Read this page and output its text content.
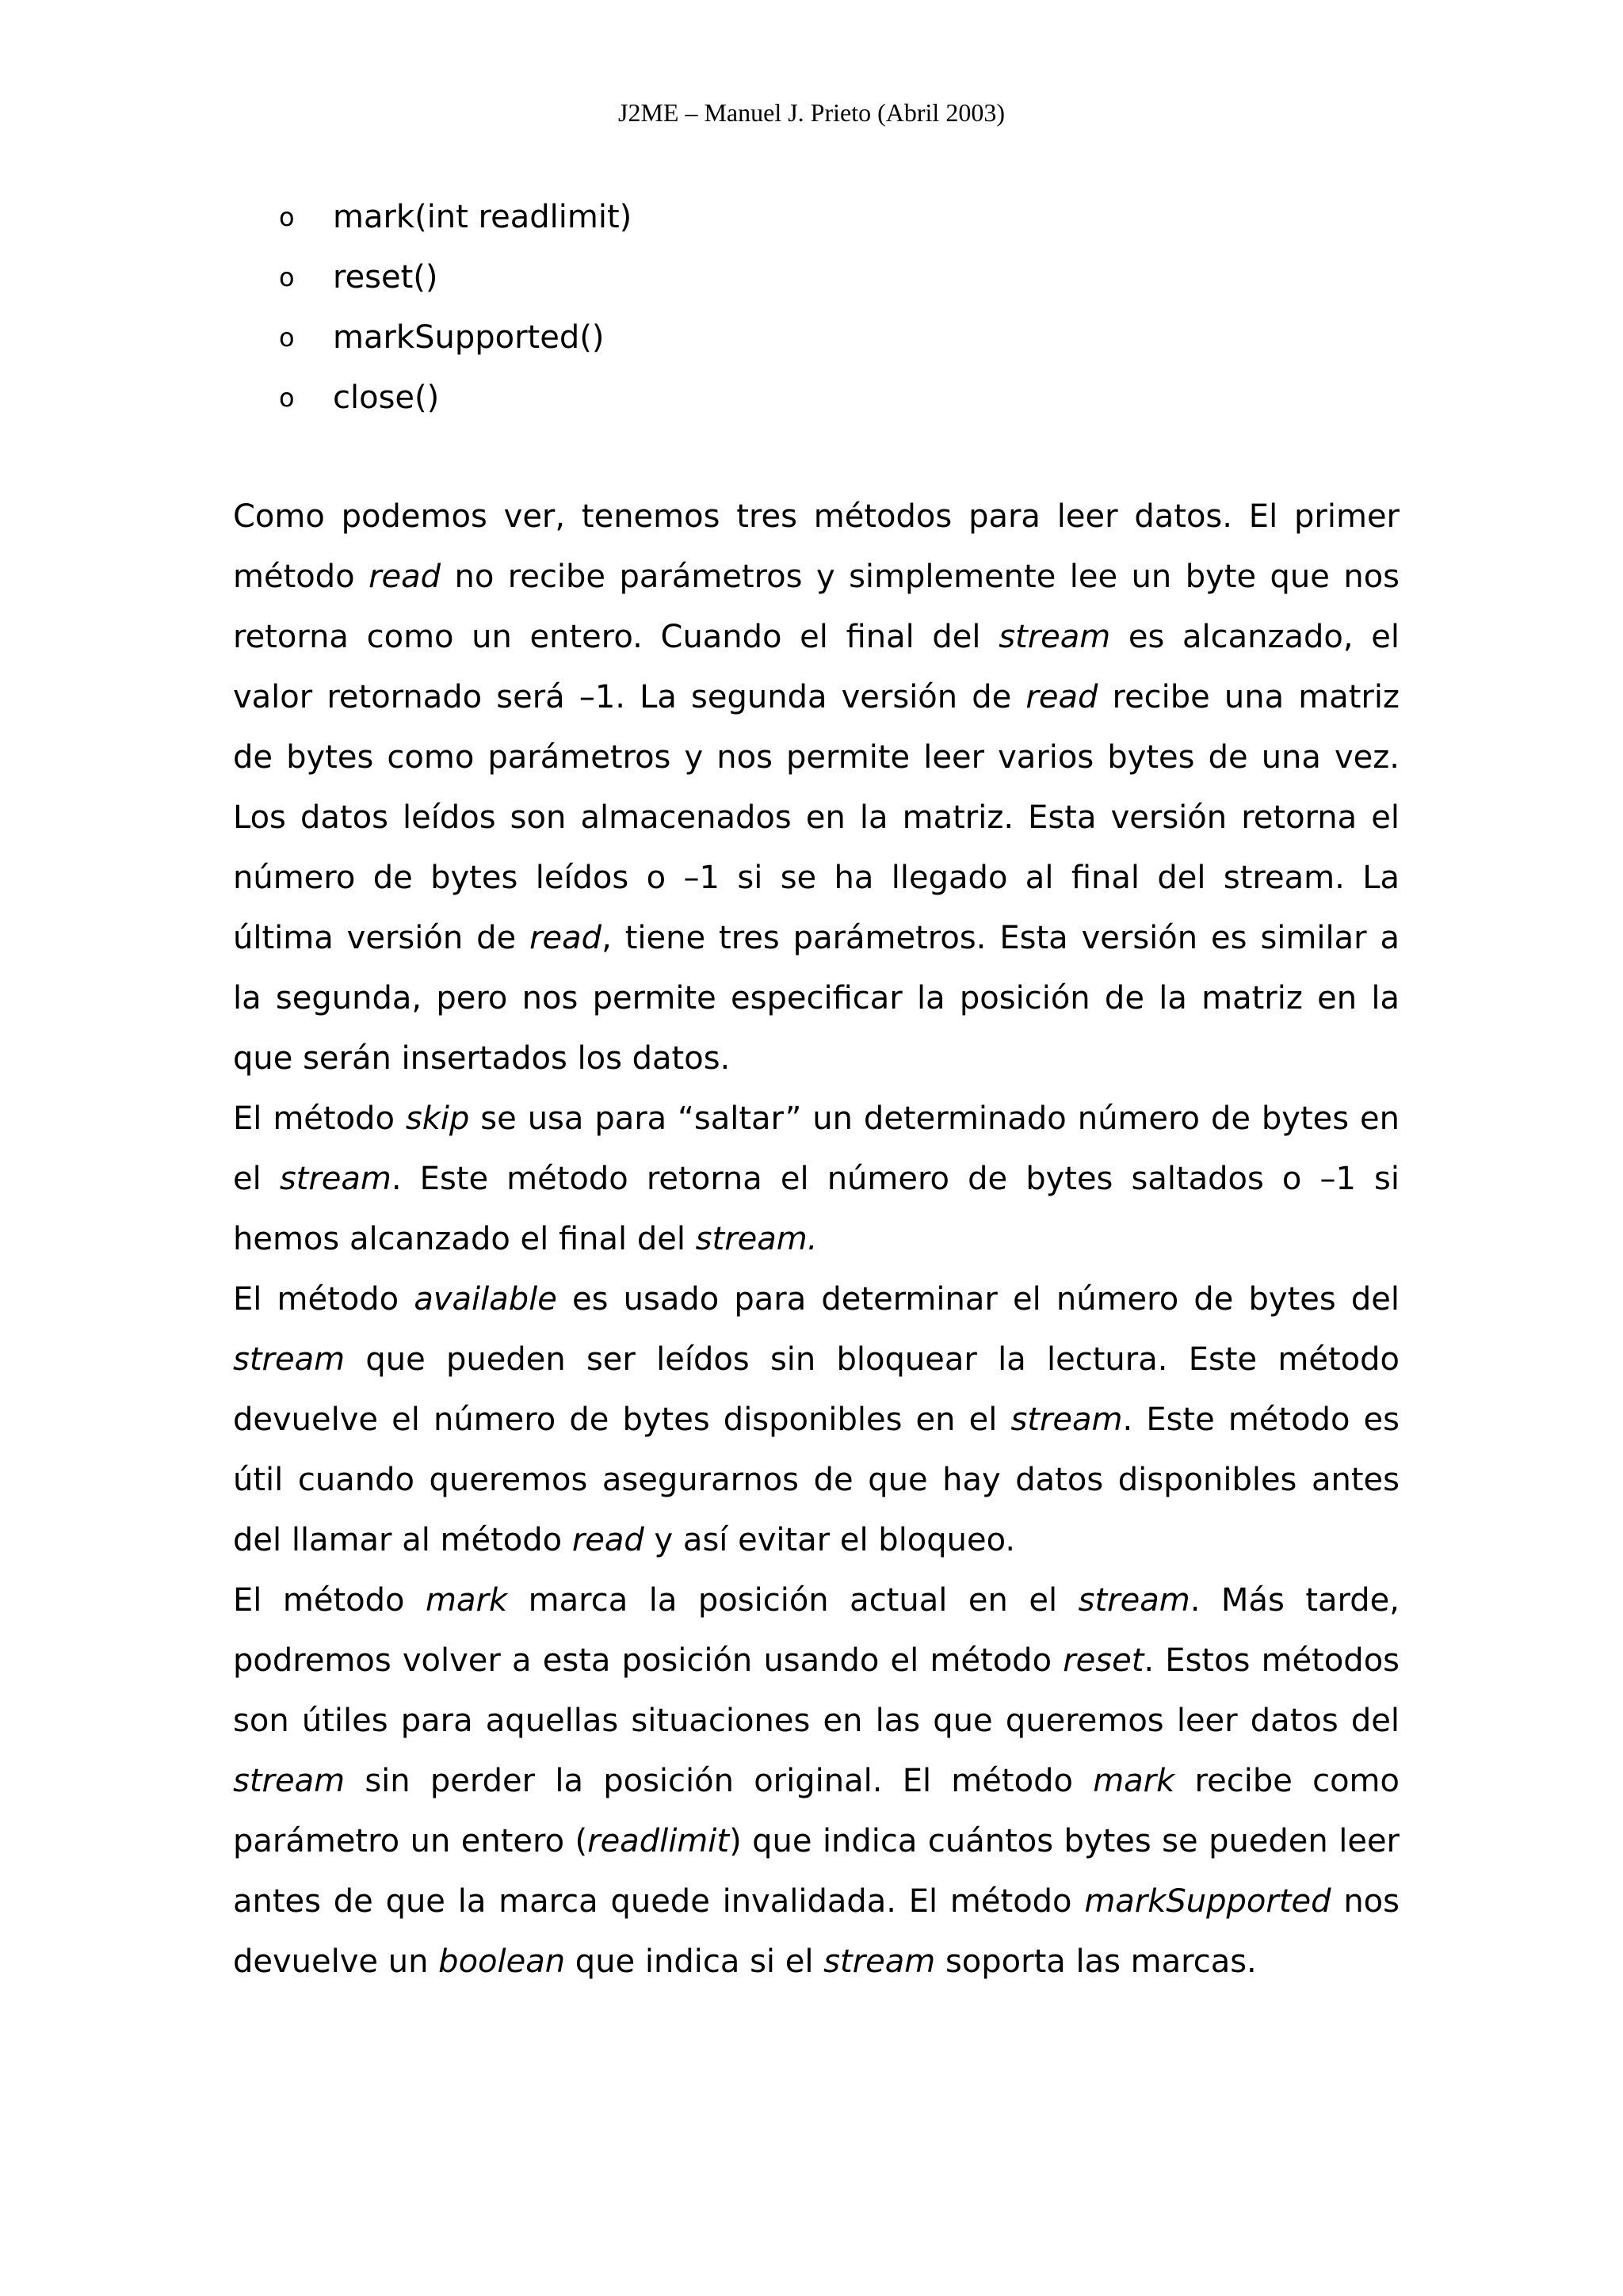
J2ME – Manuel J. Prieto (Abril 2003)
o mark(int readlimit)
o reset()
o markSupported()
o close()

Como podemos ver, tenemos tres métodos para leer datos. El primer método read no recibe parámetros y simplemente lee un byte que nos retorna como un entero. Cuando el final del stream es alcanzado, el valor retornado será –1. La segunda versión de read recibe una matriz de bytes como parámetros y nos permite leer varios bytes de una vez. Los datos leídos son almacenados en la matriz. Esta versión retorna el número de bytes leídos o –1 si se ha llegado al final del stream. La última versión de read, tiene tres parámetros. Esta versión es similar a la segunda, pero nos permite especificar la posición de la matriz en la que serán insertados los datos.

El método skip se usa para “saltar” un determinado número de bytes en el stream. Este método retorna el número de bytes saltados o –1 si hemos alcanzado el final del stream.

El método available es usado para determinar el número de bytes del stream que pueden ser leídos sin bloquear la lectura. Este método devuelve el número de bytes disponibles en el stream. Este método es útil cuando queremos asegurarnos de que hay datos disponibles antes del llamar al método read y así evitar el bloqueo.

El método mark marca la posición actual en el stream. Más tarde, podremos volver a esta posición usando el método reset. Estos métodos son útiles para aquellas situaciones en las que queremos leer datos del stream sin perder la posición original. El método mark recibe como parámetro un entero (readlimit) que indica cuántos bytes se pueden leer antes de que la marca quede invalidada. El método markSupported nos devuelve un boolean que indica si el stream soporta las marcas.
